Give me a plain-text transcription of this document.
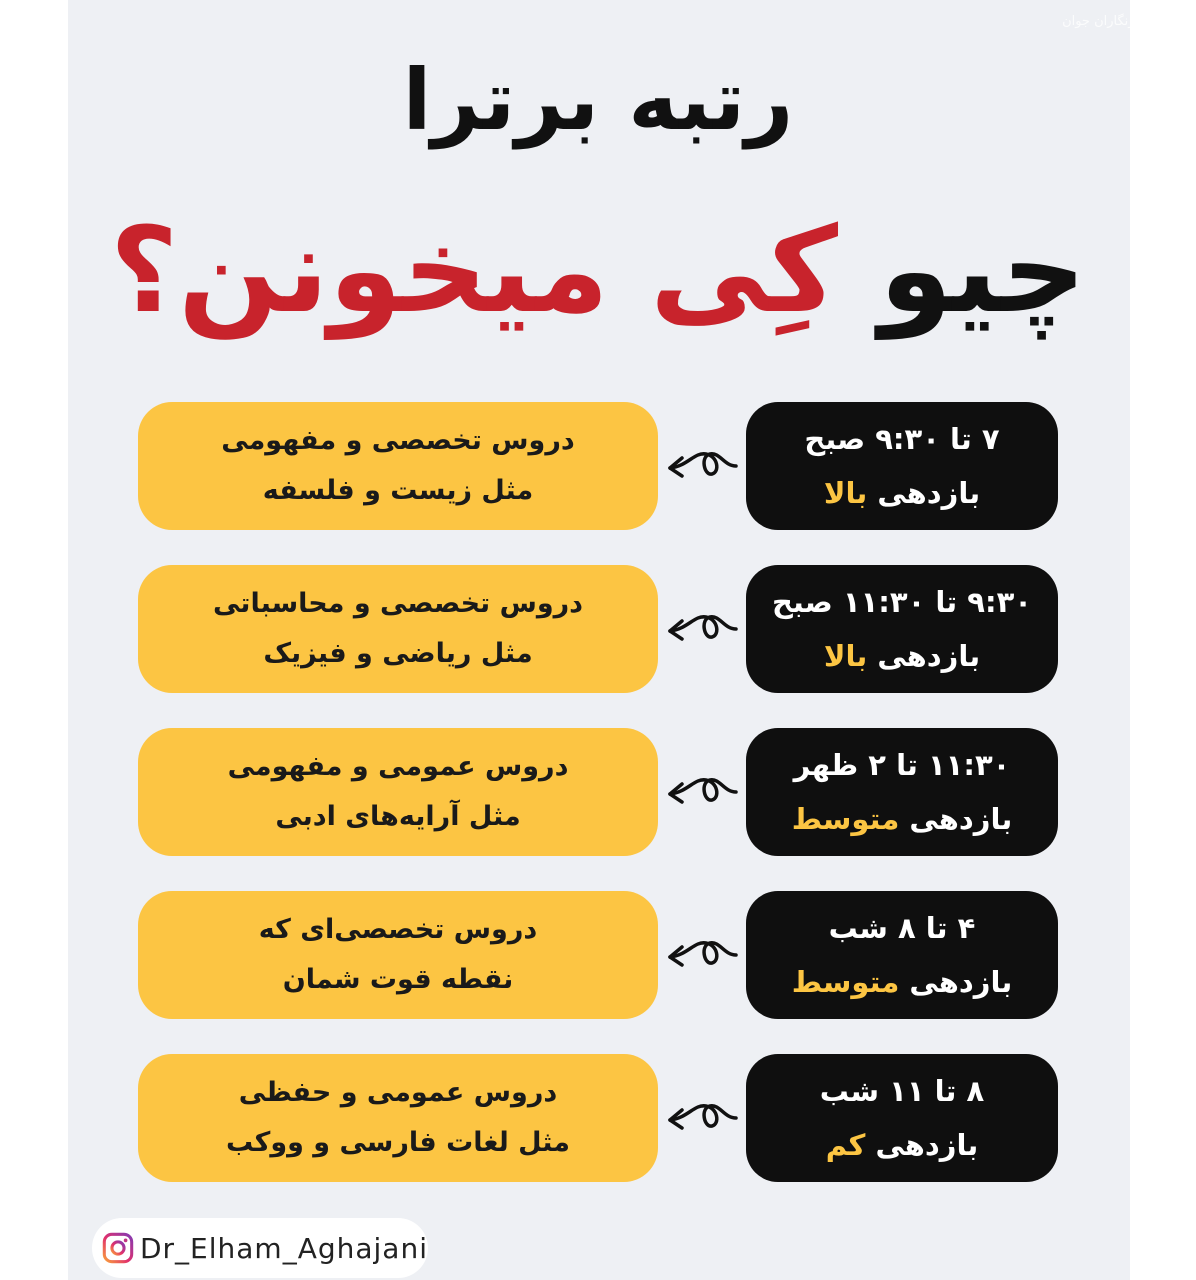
باشگاه خبرنگاران جوان
رتبه برترا
چیو کِی میخونن؟
دروس تخصصی و مفهومی
مثل زیست و فلسفه
۷ تا ۹:۳۰ صبح
بازدهی بالا
دروس تخصصی و محاسباتی
مثل ریاضی و فیزیک
۹:۳۰ تا ۱۱:۳۰ صبح
بازدهی بالا
دروس عمومی و مفهومی
مثل آرایه‌های ادبی
۱۱:۳۰ تا ۲ ظهر
بازدهی متوسط
دروس تخصصی‌ای که
نقطه قوت شمان
۴ تا ۸ شب
بازدهی متوسط
دروس عمومی و حفظی
مثل لغات فارسی و ووکب
۸ تا ۱۱ شب
بازدهی کم
Dr_Elham_Aghajani
